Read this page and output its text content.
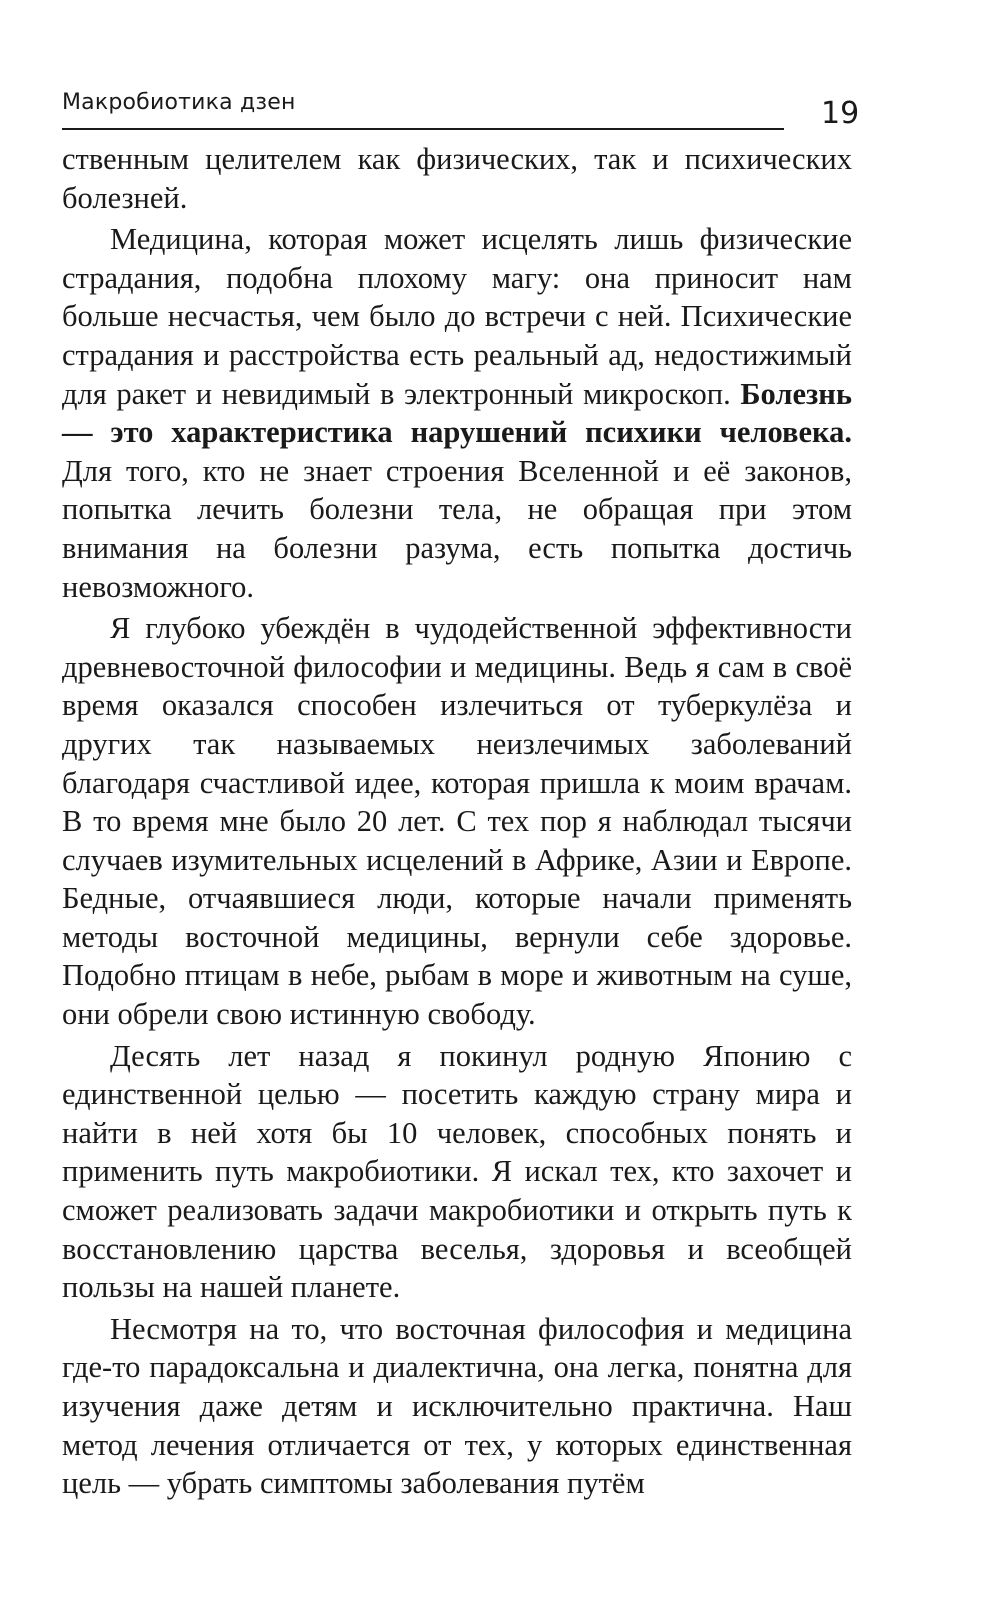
Макробиотика дзен	19

ственным целителем как физических, так и психических болезней.

Медицина, которая может исцелять лишь физические страдания, подобна плохому магу: она приносит нам больше несчастья, чем было до встречи с ней. Психические страдания и расстройства есть реальный ад, недостижимый для ракет и невидимый в электронный микроскоп. Болезнь — это характеристика нарушений психики человека. Для того, кто не знает строения Вселенной и её законов, попытка лечить болезни тела, не обращая при этом внимания на болезни разума, есть попытка достичь невозможного.

Я глубоко убеждён в чудодейственной эффективности древневосточной философии и медицины. Ведь я сам в своё время оказался способен излечиться от туберкулёза и других так называемых неизлечимых заболеваний благодаря счастливой идее, которая пришла к моим врачам. В то время мне было 20 лет. С тех пор я наблюдал тысячи случаев изумительных исцелений в Африке, Азии и Европе. Бедные, отчаявшиеся люди, которые начали применять методы восточной медицины, вернули себе здоровье. Подобно птицам в небе, рыбам в море и животным на суше, они обрели свою истинную свободу.

Десять лет назад я покинул родную Японию с единственной целью — посетить каждую страну мира и найти в ней хотя бы 10 человек, способных понять и применить путь макробиотики. Я искал тех, кто захочет и сможет реализовать задачи макробиотики и открыть путь к восстановлению царства веселья, здоровья и всеобщей пользы на нашей планете.

Несмотря на то, что восточная философия и медицина где-то парадоксальна и диалектична, она легка, понятна для изучения даже детям и исключительно практична. Наш метод лечения отличается от тех, у которых единственная цель — убрать симптомы заболевания путём
